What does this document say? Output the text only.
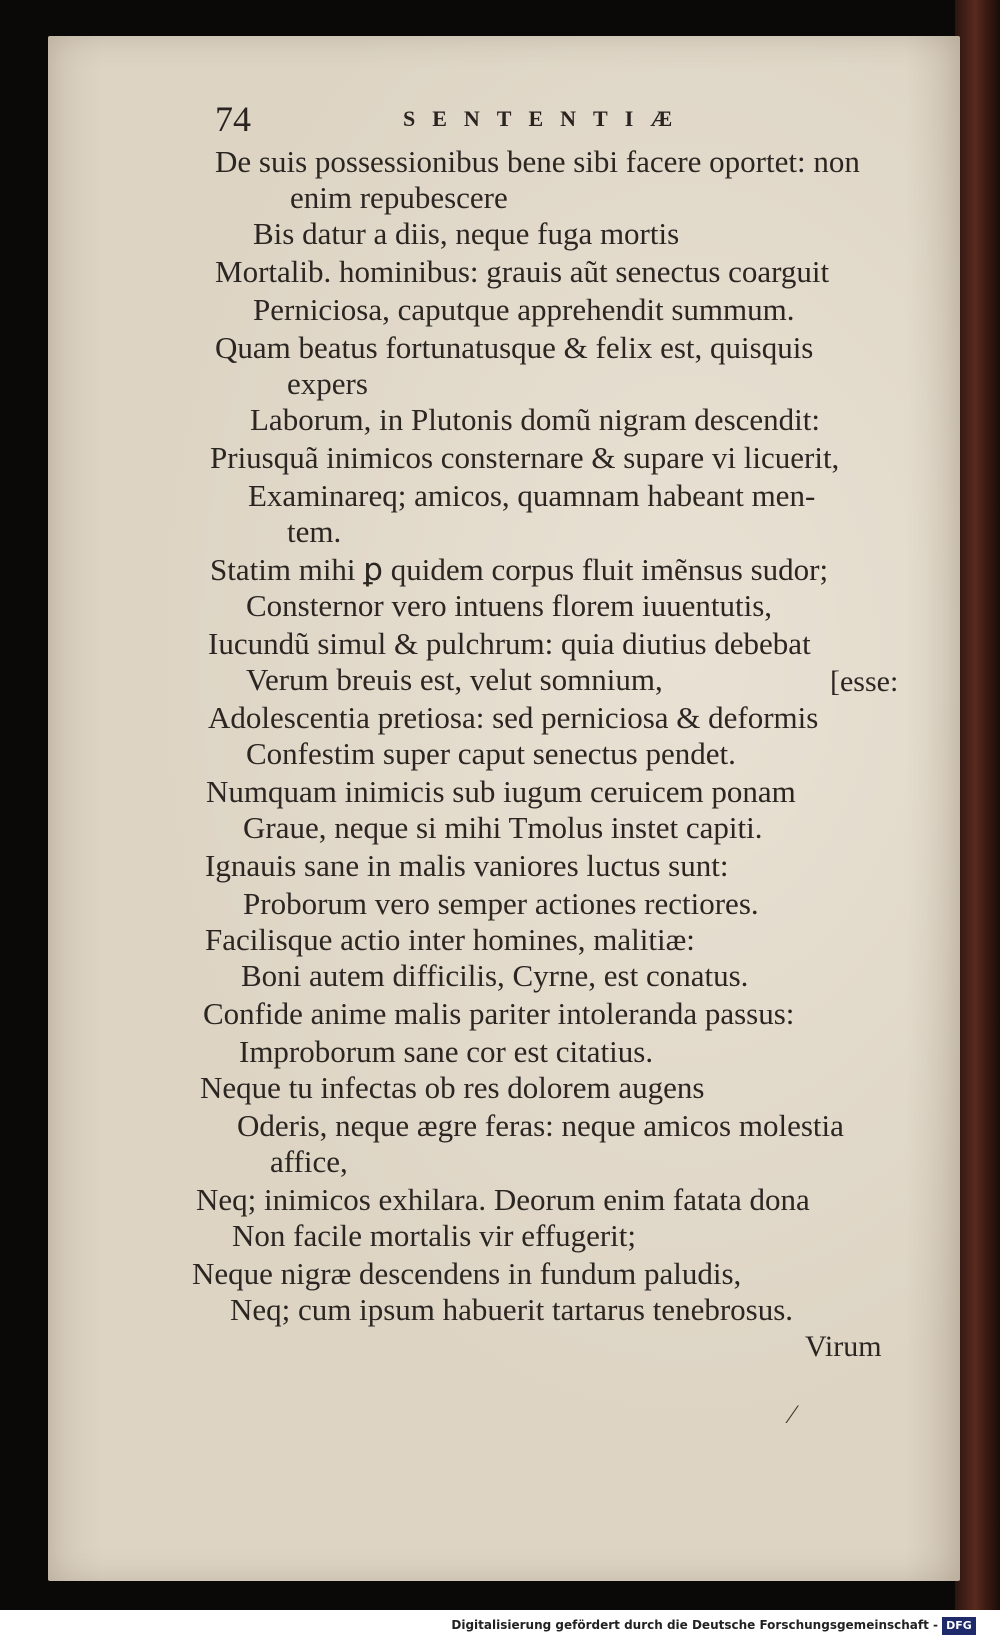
74	SENTENTIÆ
De suis possessionibus bene sibi facere oportet: non
enim repubescere
Bis datur a diis, neque fuga mortis
Mortalib. hominibus: grauis aũt senectus coarguit
Perniciosa, caputque apprehendit summum.
Quam beatus fortunatusque & felix est, quisquis
expers
Laborum, in Plutonis domũ nigram descendit:
Priusquã inimicos consternare & supare vi licuerit,
Examinareq; amicos, quamnam habeant men-
tem.
Statim mihi ꝑ quidem corpus fluit imẽnsus sudor;
Consternor vero intuens florem iuuentutis,
Iucundũ simul & pulchrum: quia diutius debebat
Verum breuis est, velut somnium,	[esse:
Adolescentia pretiosa: sed perniciosa & deformis
Confestim super caput senectus pendet.
Numquam inimicis sub iugum ceruicem ponam
Graue, neque si mihi Tmolus instet capiti.
Ignauis sane in malis vaniores luctus sunt:
Proborum vero semper actiones rectiores.
Facilisque actio inter homines, malitiæ:
Boni autem difficilis, Cyrne, est conatus.
Confide anime malis pariter intoleranda passus:
Improborum sane cor est citatius.
Neque tu infectas ob res dolorem augens
Oderis, neque ægre feras: neque amicos molestia
affice,
Neq; inimicos exhilara. Deorum enim fatata dona
Non facile mortalis vir effugerit;
Neque nigræ descendens in fundum paludis,
Neq; cum ipsum habuerit tartarus tenebrosus.
Virum
⁄
Digitalisierung gefördert durch die Deutsche Forschungsgemeinschaft - DFG
